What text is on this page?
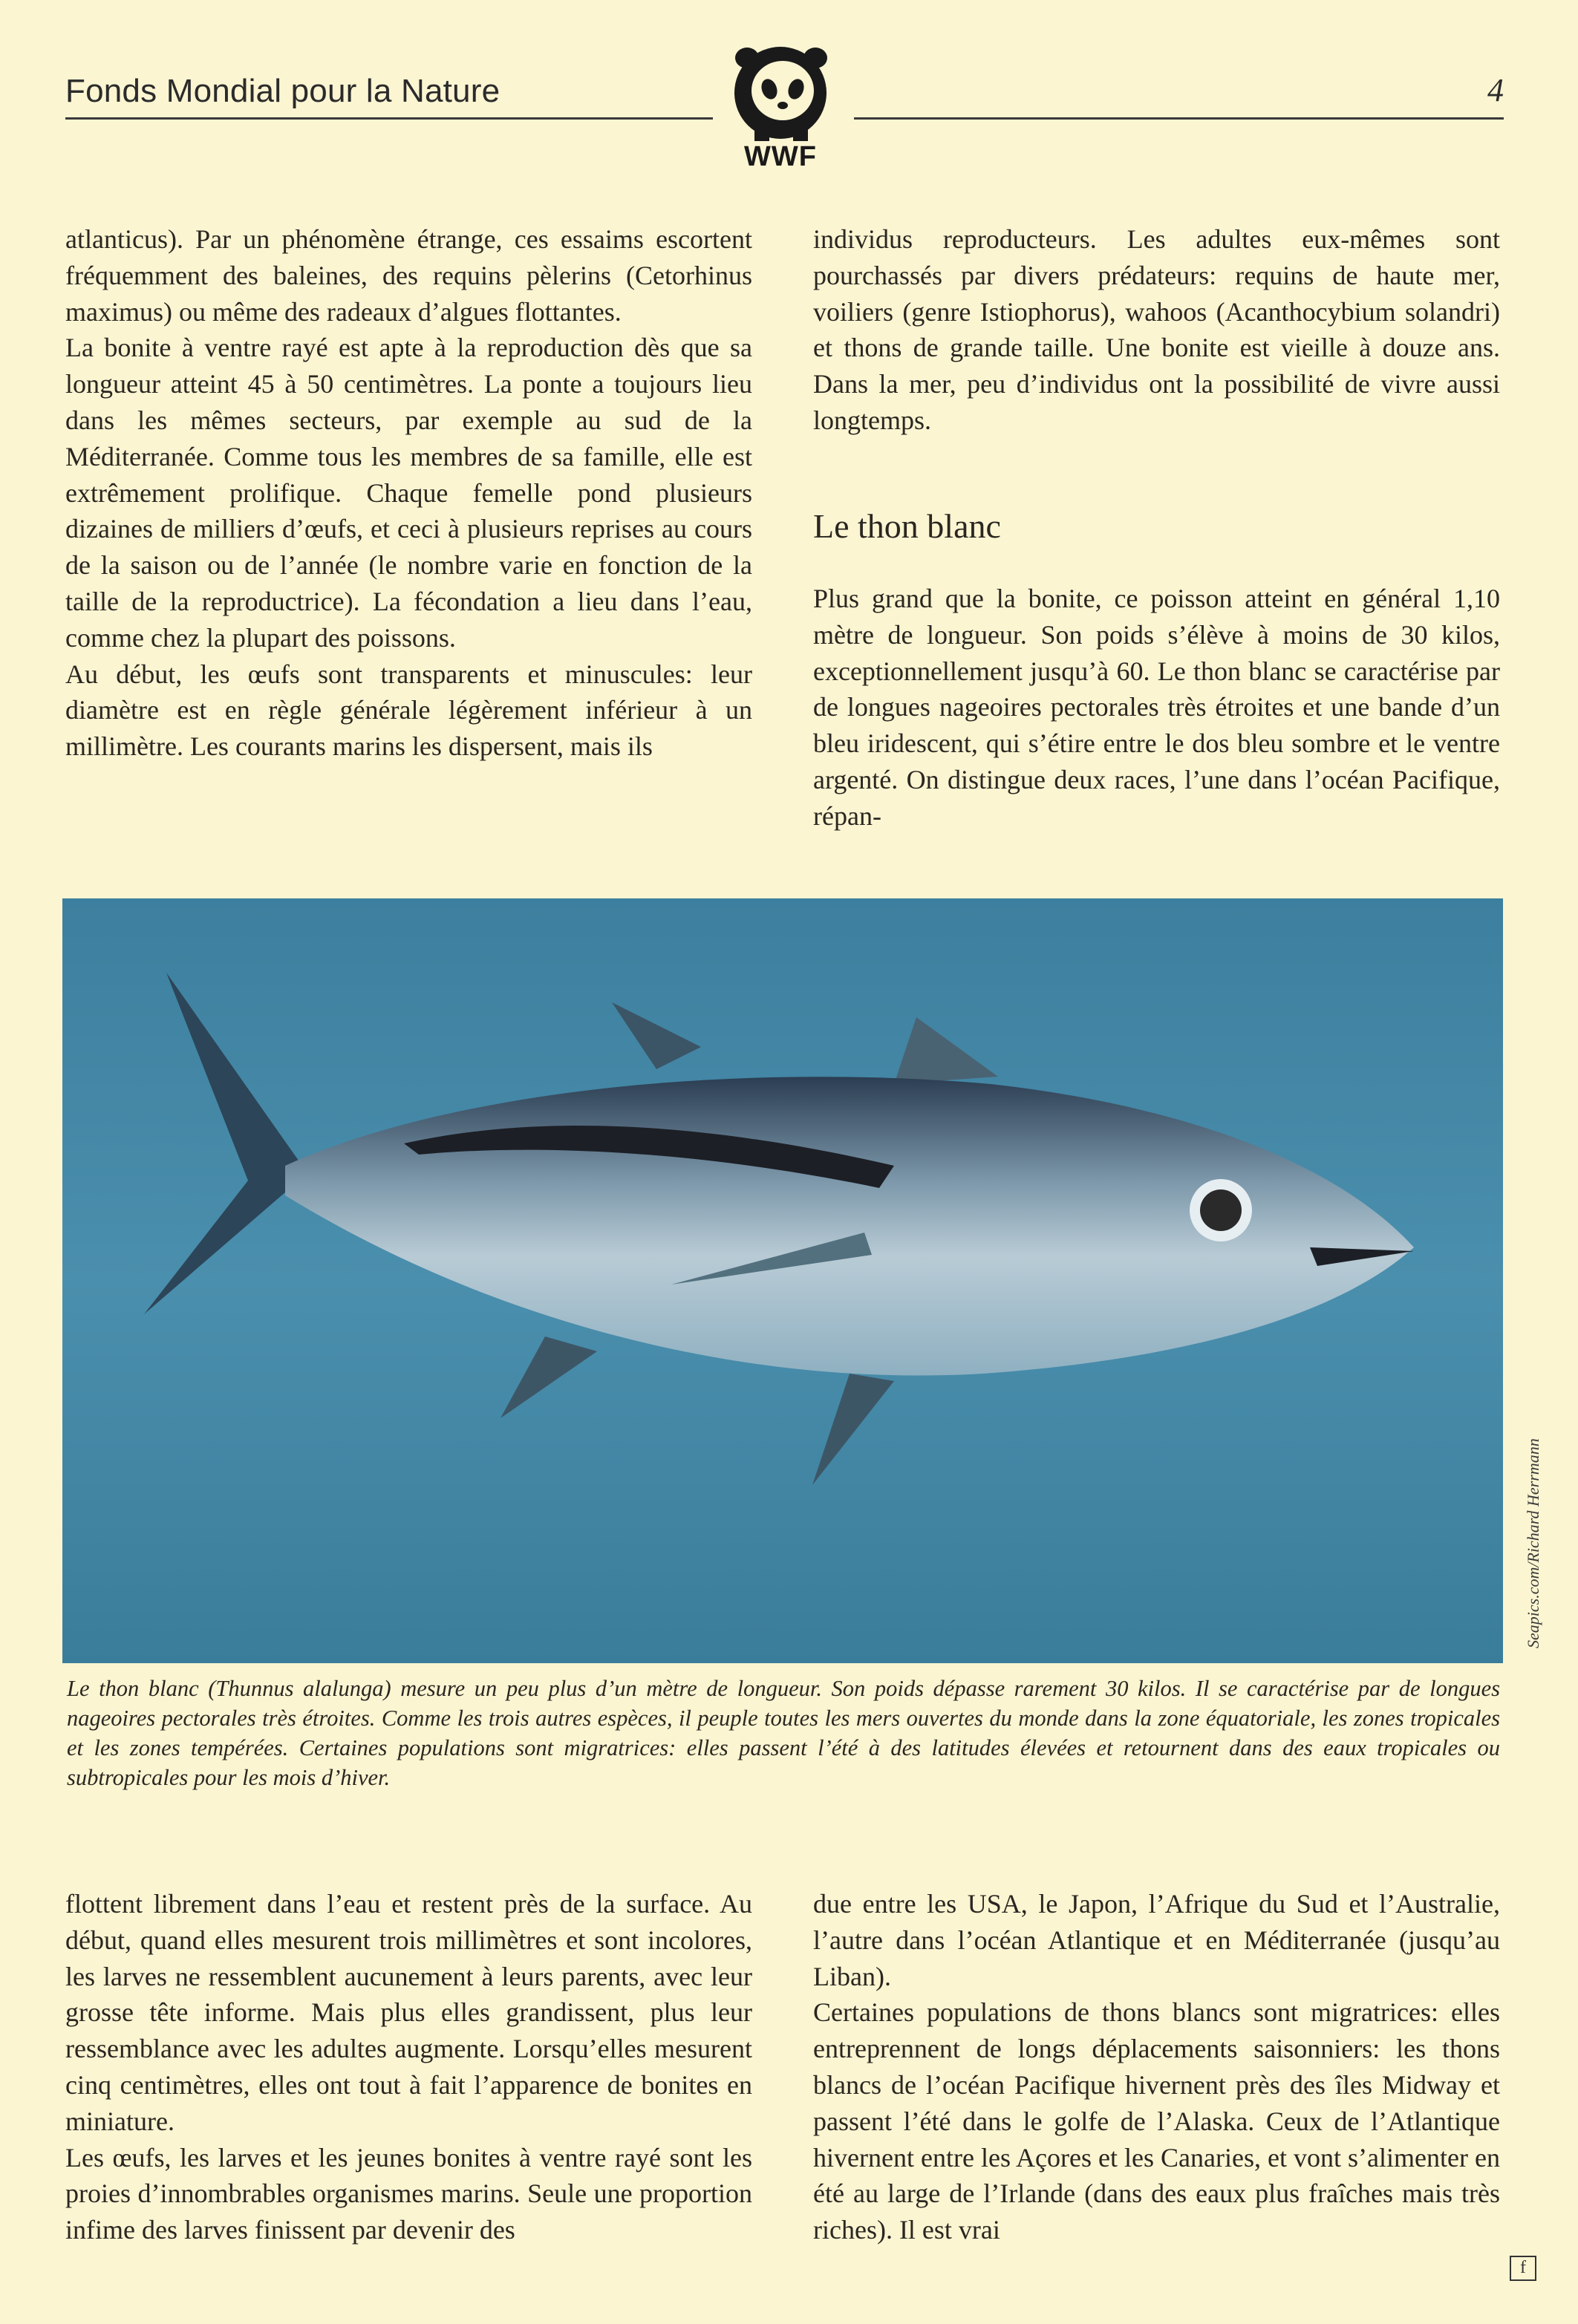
Fonds Mondial pour la Nature	4
WWF

atlanticus). Par un phénomène étrange, ces essaims escortent fréquemment des baleines, des requins pèlerins (Cetorhinus maximus) ou même des radeaux d’algues flottantes.

La bonite à ventre rayé est apte à la reproduction dès que sa longueur atteint 45 à 50 centimètres. La ponte a toujours lieu dans les mêmes secteurs, par exemple au sud de la Méditerranée. Comme tous les membres de sa famille, elle est extrêmement prolifique. Chaque femelle pond plusieurs dizaines de milliers d’œufs, et ceci à plusieurs reprises au cours de la saison ou de l’année (le nombre varie en fonction de la taille de la reproductrice). La fécondation a lieu dans l’eau, comme chez la plupart des poissons.

Au début, les œufs sont transparents et minuscules: leur diamètre est en règle générale légèrement inférieur à un millimètre. Les courants marins les dispersent, mais ils

individus reproducteurs. Les adultes eux-mêmes sont pourchassés par divers prédateurs: requins de haute mer, voiliers (genre Istiophorus), wahoos (Acanthocybium solandri) et thons de grande taille. Une bonite est vieille à douze ans. Dans la mer, peu d’individus ont la possibilité de vivre aussi longtemps.

Le thon blanc

Plus grand que la bonite, ce poisson atteint en général 1,10 mètre de longueur. Son poids s’élève à moins de 30 kilos, exceptionnellement jusqu’à 60. Le thon blanc se caractérise par de longues nageoires pectorales très étroites et une bande d’un bleu iridescent, qui s’étire entre le dos bleu sombre et le ventre argenté. On distingue deux races, l’une dans l’océan Pacifique, répan-

Seapics.com/Richard Herrmann
Le thon blanc (Thunnus alalunga) mesure un peu plus d’un mètre de longueur. Son poids dépasse rarement 30 kilos. Il se caractérise par de longues nageoires pectorales très étroites. Comme les trois autres espèces, il peuple toutes les mers ouvertes du monde dans la zone équatoriale, les zones tropicales et les zones tempérées. Certaines populations sont migratrices: elles passent l’été à des latitudes élevées et retournent dans des eaux tropicales ou subtropicales pour les mois d’hiver.

flottent librement dans l’eau et restent près de la surface. Au début, quand elles mesurent trois millimètres et sont incolores, les larves ne ressemblent aucunement à leurs parents, avec leur grosse tête informe. Mais plus elles grandissent, plus leur ressemblance avec les adultes augmente. Lorsqu’elles mesurent cinq centimètres, elles ont tout à fait l’apparence de bonites en miniature.

Les œufs, les larves et les jeunes bonites à ventre rayé sont les proies d’innombrables organismes marins. Seule une proportion infime des larves finissent par devenir des

due entre les USA, le Japon, l’Afrique du Sud et l’Australie, l’autre dans l’océan Atlantique et en Méditerranée (jusqu’au Liban).

Certaines populations de thons blancs sont migratrices: elles entreprennent de longs déplacements saisonniers: les thons blancs de l’océan Pacifique hivernent près des îles Midway et passent l’été dans le golfe de l’Alaska. Ceux de l’Atlantique hivernent entre les Açores et les Canaries, et vont s’alimenter en été au large de l’Irlande (dans des eaux plus fraîches mais très riches). Il est vrai

f
